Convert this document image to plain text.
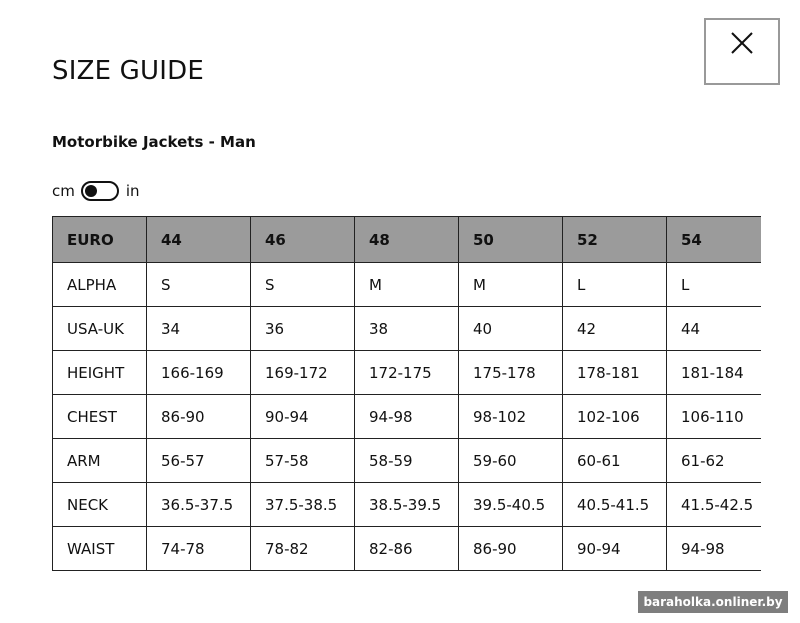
SIZE GUIDE
Motorbike Jackets - Man
cm	in
EURO	44	46	48	50	52	54
ALPHA	S	S	M	M	L	L
USA-UK	34	36	38	40	42	44
HEIGHT	166-169	169-172	172-175	175-178	178-181	181-184
CHEST	86-90	90-94	94-98	98-102	102-106	106-110
ARM	56-57	57-58	58-59	59-60	60-61	61-62
NECK	36.5-37.5	37.5-38.5	38.5-39.5	39.5-40.5	40.5-41.5	41.5-42.5
WAIST	74-78	78-82	82-86	86-90	90-94	94-98
baraholka.onliner.by
